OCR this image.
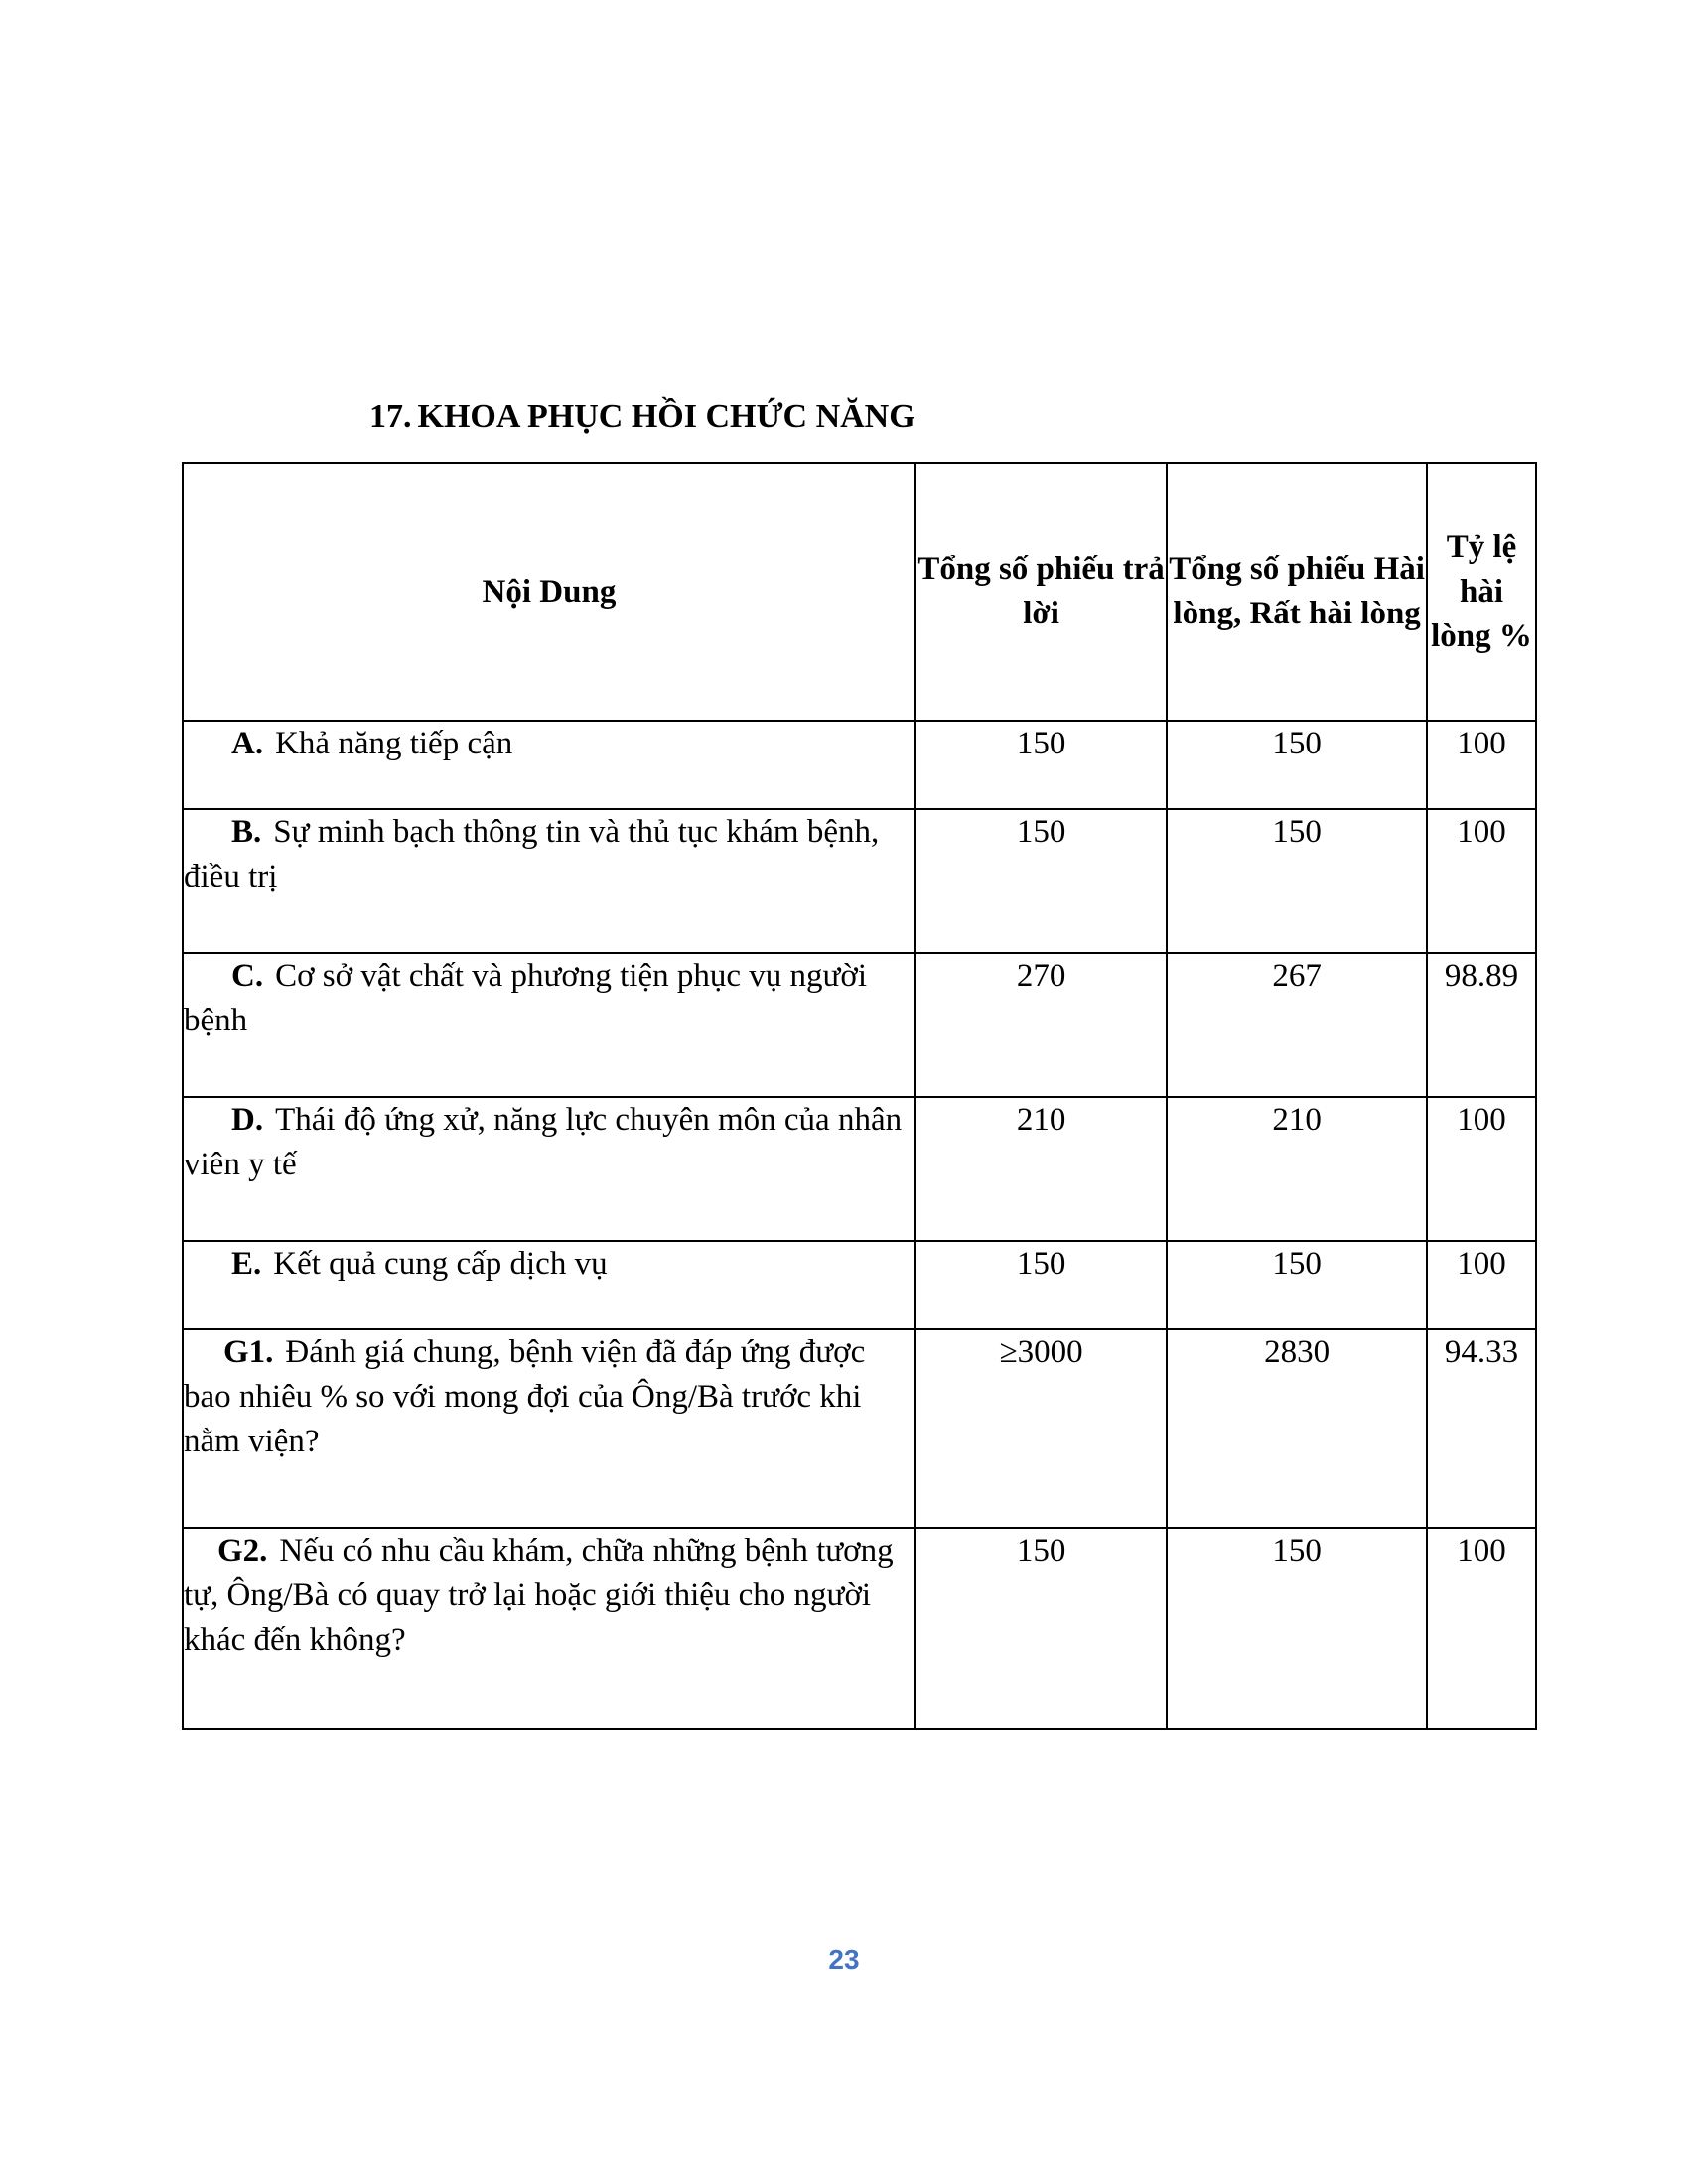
17. KHOA PHỤC HỒI CHỨC NĂNG
Nội Dung	Tổng số phiếu trả lời	Tổng số phiếu Hài lòng, Rất hài lòng	Tỷ lệ hài lòng %
A. Khả năng tiếp cận	150	150	100
B. Sự minh bạch thông tin và thủ tục khám bệnh, điều trị	150	150	100
C. Cơ sở vật chất và phương tiện phục vụ người bệnh	270	267	98.89
D. Thái độ ứng xử, năng lực chuyên môn của nhân viên y tế	210	210	100
E. Kết quả cung cấp dịch vụ	150	150	100
G1. Đánh giá chung, bệnh viện đã đáp ứng được bao nhiêu % so với mong đợi của Ông/Bà trước khi nằm viện?	≥3000	2830	94.33
G2. Nếu có nhu cầu khám, chữa những bệnh tương tự, Ông/Bà có quay trở lại hoặc giới thiệu cho người khác đến không?	150	150	100
23
